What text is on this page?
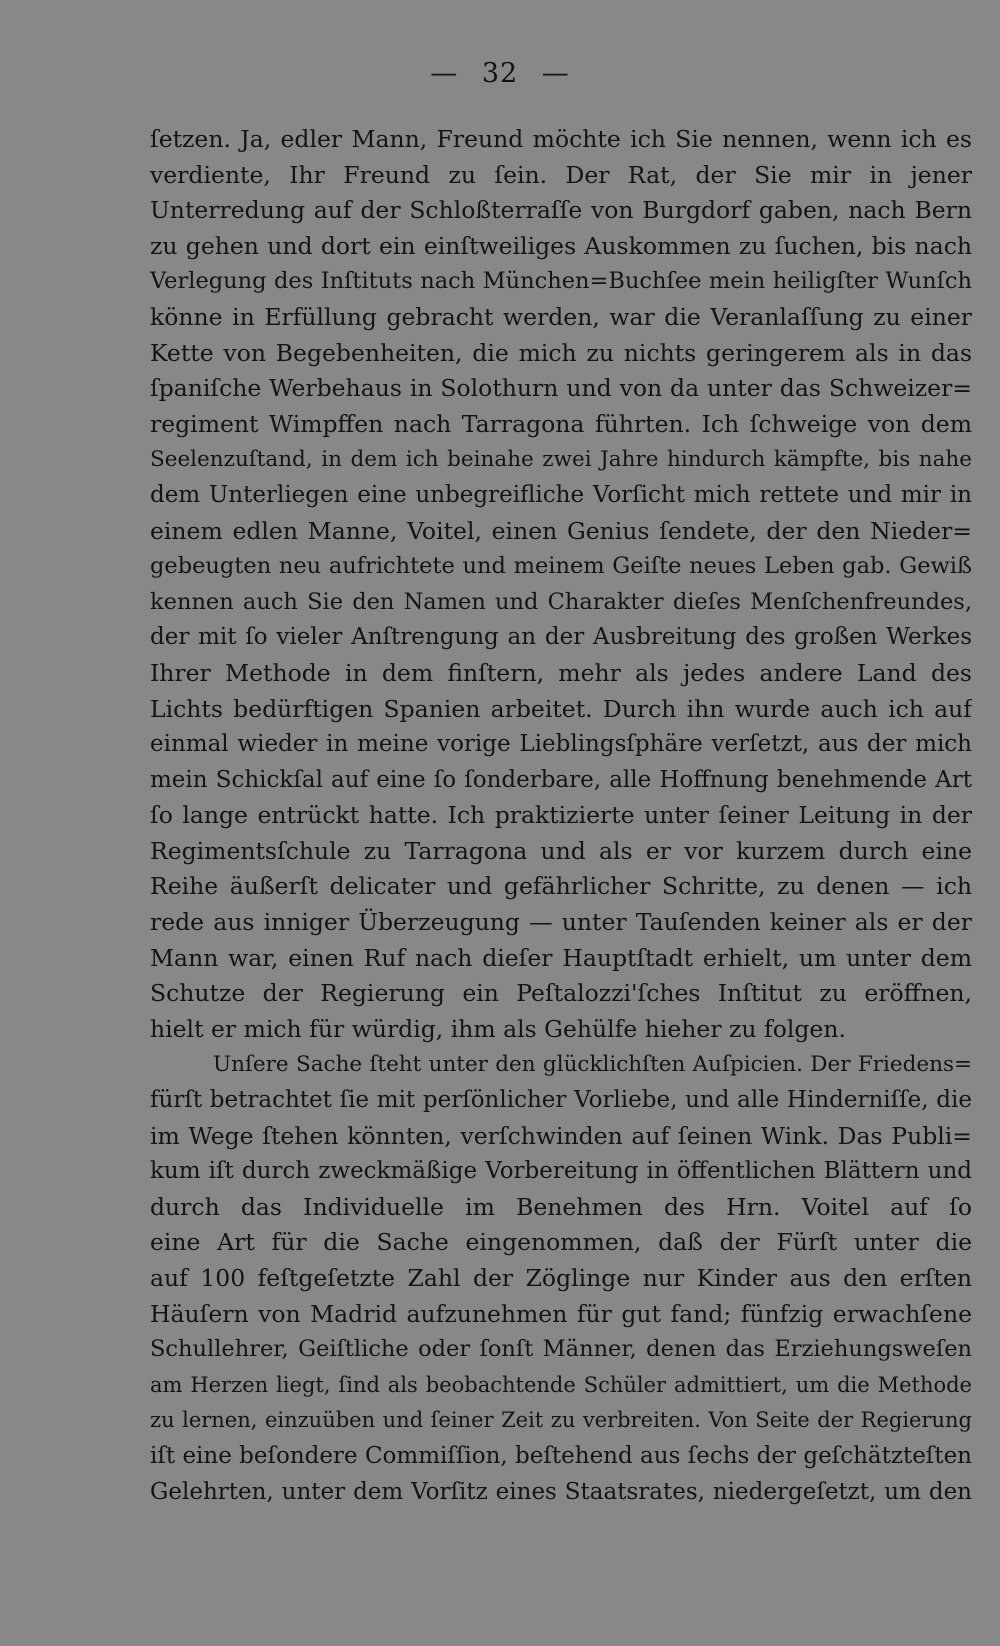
— 32 —
ſetzen. Ja, edler Mann, Freund möchte ich Sie nennen, wenn ich es
verdiente, Ihr Freund zu ſein. Der Rat, der Sie mir in jener
Unterredung auf der Schloßterraſſe von Burgdorf gaben, nach Bern
zu gehen und dort ein einſtweiliges Auskommen zu ſuchen, bis nach
Verlegung des Inſtituts nach München=Buchſee mein heiligſter Wunſch
könne in Erfüllung gebracht werden, war die Veranlaſſung zu einer
Kette von Begebenheiten, die mich zu nichts geringerem als in das
ſpaniſche Werbehaus in Solothurn und von da unter das Schweizer=
regiment Wimpffen nach Tarragona führten. Ich ſchweige von dem
Seelenzuſtand, in dem ich beinahe zwei Jahre hindurch kämpfte, bis nahe
dem Unterliegen eine unbegreifliche Vorſicht mich rettete und mir in
einem edlen Manne, Voitel, einen Genius ſendete, der den Nieder=
gebeugten neu aufrichtete und meinem Geiſte neues Leben gab. Gewiß
kennen auch Sie den Namen und Charakter dieſes Menſchenfreundes,
der mit ſo vieler Anſtrengung an der Ausbreitung des großen Werkes
Ihrer Methode in dem finſtern, mehr als jedes andere Land des
Lichts bedürftigen Spanien arbeitet. Durch ihn wurde auch ich auf
einmal wieder in meine vorige Lieblingsſphäre verſetzt, aus der mich
mein Schickſal auf eine ſo ſonderbare, alle Hoffnung benehmende Art
ſo lange entrückt hatte. Ich praktizierte unter ſeiner Leitung in der
Regimentsſchule zu Tarragona und als er vor kurzem durch eine
Reihe äußerſt delicater und gefährlicher Schritte, zu denen — ich
rede aus inniger Überzeugung — unter Tauſenden keiner als er der
Mann war, einen Ruf nach dieſer Hauptſtadt erhielt, um unter dem
Schutze der Regierung ein Peſtalozzi'ſches Inſtitut zu eröffnen,
hielt er mich für würdig, ihm als Gehülfe hieher zu folgen.
Unſere Sache ſteht unter den glücklichſten Auſpicien. Der Friedens=
fürſt betrachtet ſie mit perſönlicher Vorliebe, und alle Hinderniſſe, die
im Wege ſtehen könnten, verſchwinden auf ſeinen Wink. Das Publi=
kum iſt durch zweckmäßige Vorbereitung in öffentlichen Blättern und
durch das Individuelle im Benehmen des Hrn. Voitel auf ſo
eine Art für die Sache eingenommen, daß der Fürſt unter die
auf 100 feſtgeſetzte Zahl der Zöglinge nur Kinder aus den erſten
Häuſern von Madrid aufzunehmen für gut fand; fünfzig erwachſene
Schullehrer, Geiſtliche oder ſonſt Männer, denen das Erziehungsweſen
am Herzen liegt, ſind als beobachtende Schüler admittiert, um die Methode
zu lernen, einzuüben und ſeiner Zeit zu verbreiten. Von Seite der Regierung
iſt eine beſondere Commiſſion, beſtehend aus ſechs der geſchätzteſten
Gelehrten, unter dem Vorſitz eines Staatsrates, niedergeſetzt, um den
